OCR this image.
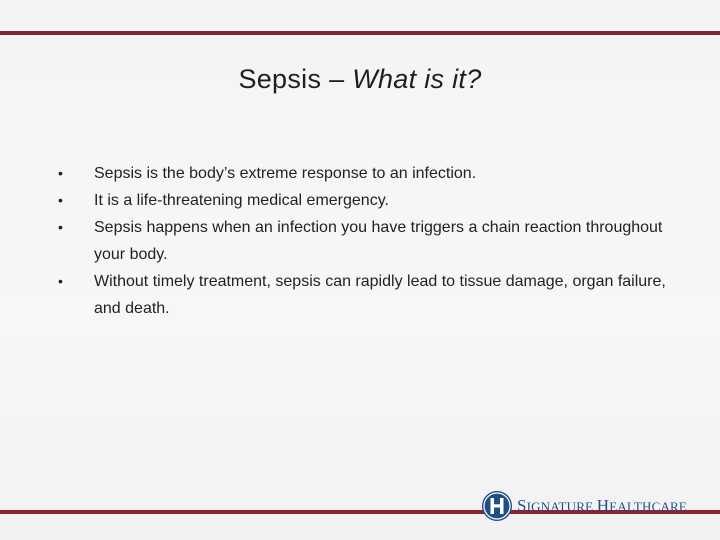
Sepsis – What is it?
• Sepsis is the body’s extreme response to an infection.
• It is a life-threatening medical emergency.
• Sepsis happens when an infection you have triggers a chain reaction throughout your body.
• Without timely treatment, sepsis can rapidly lead to tissue damage, organ failure, and death.
SIGNATURE HEALTHCARE
